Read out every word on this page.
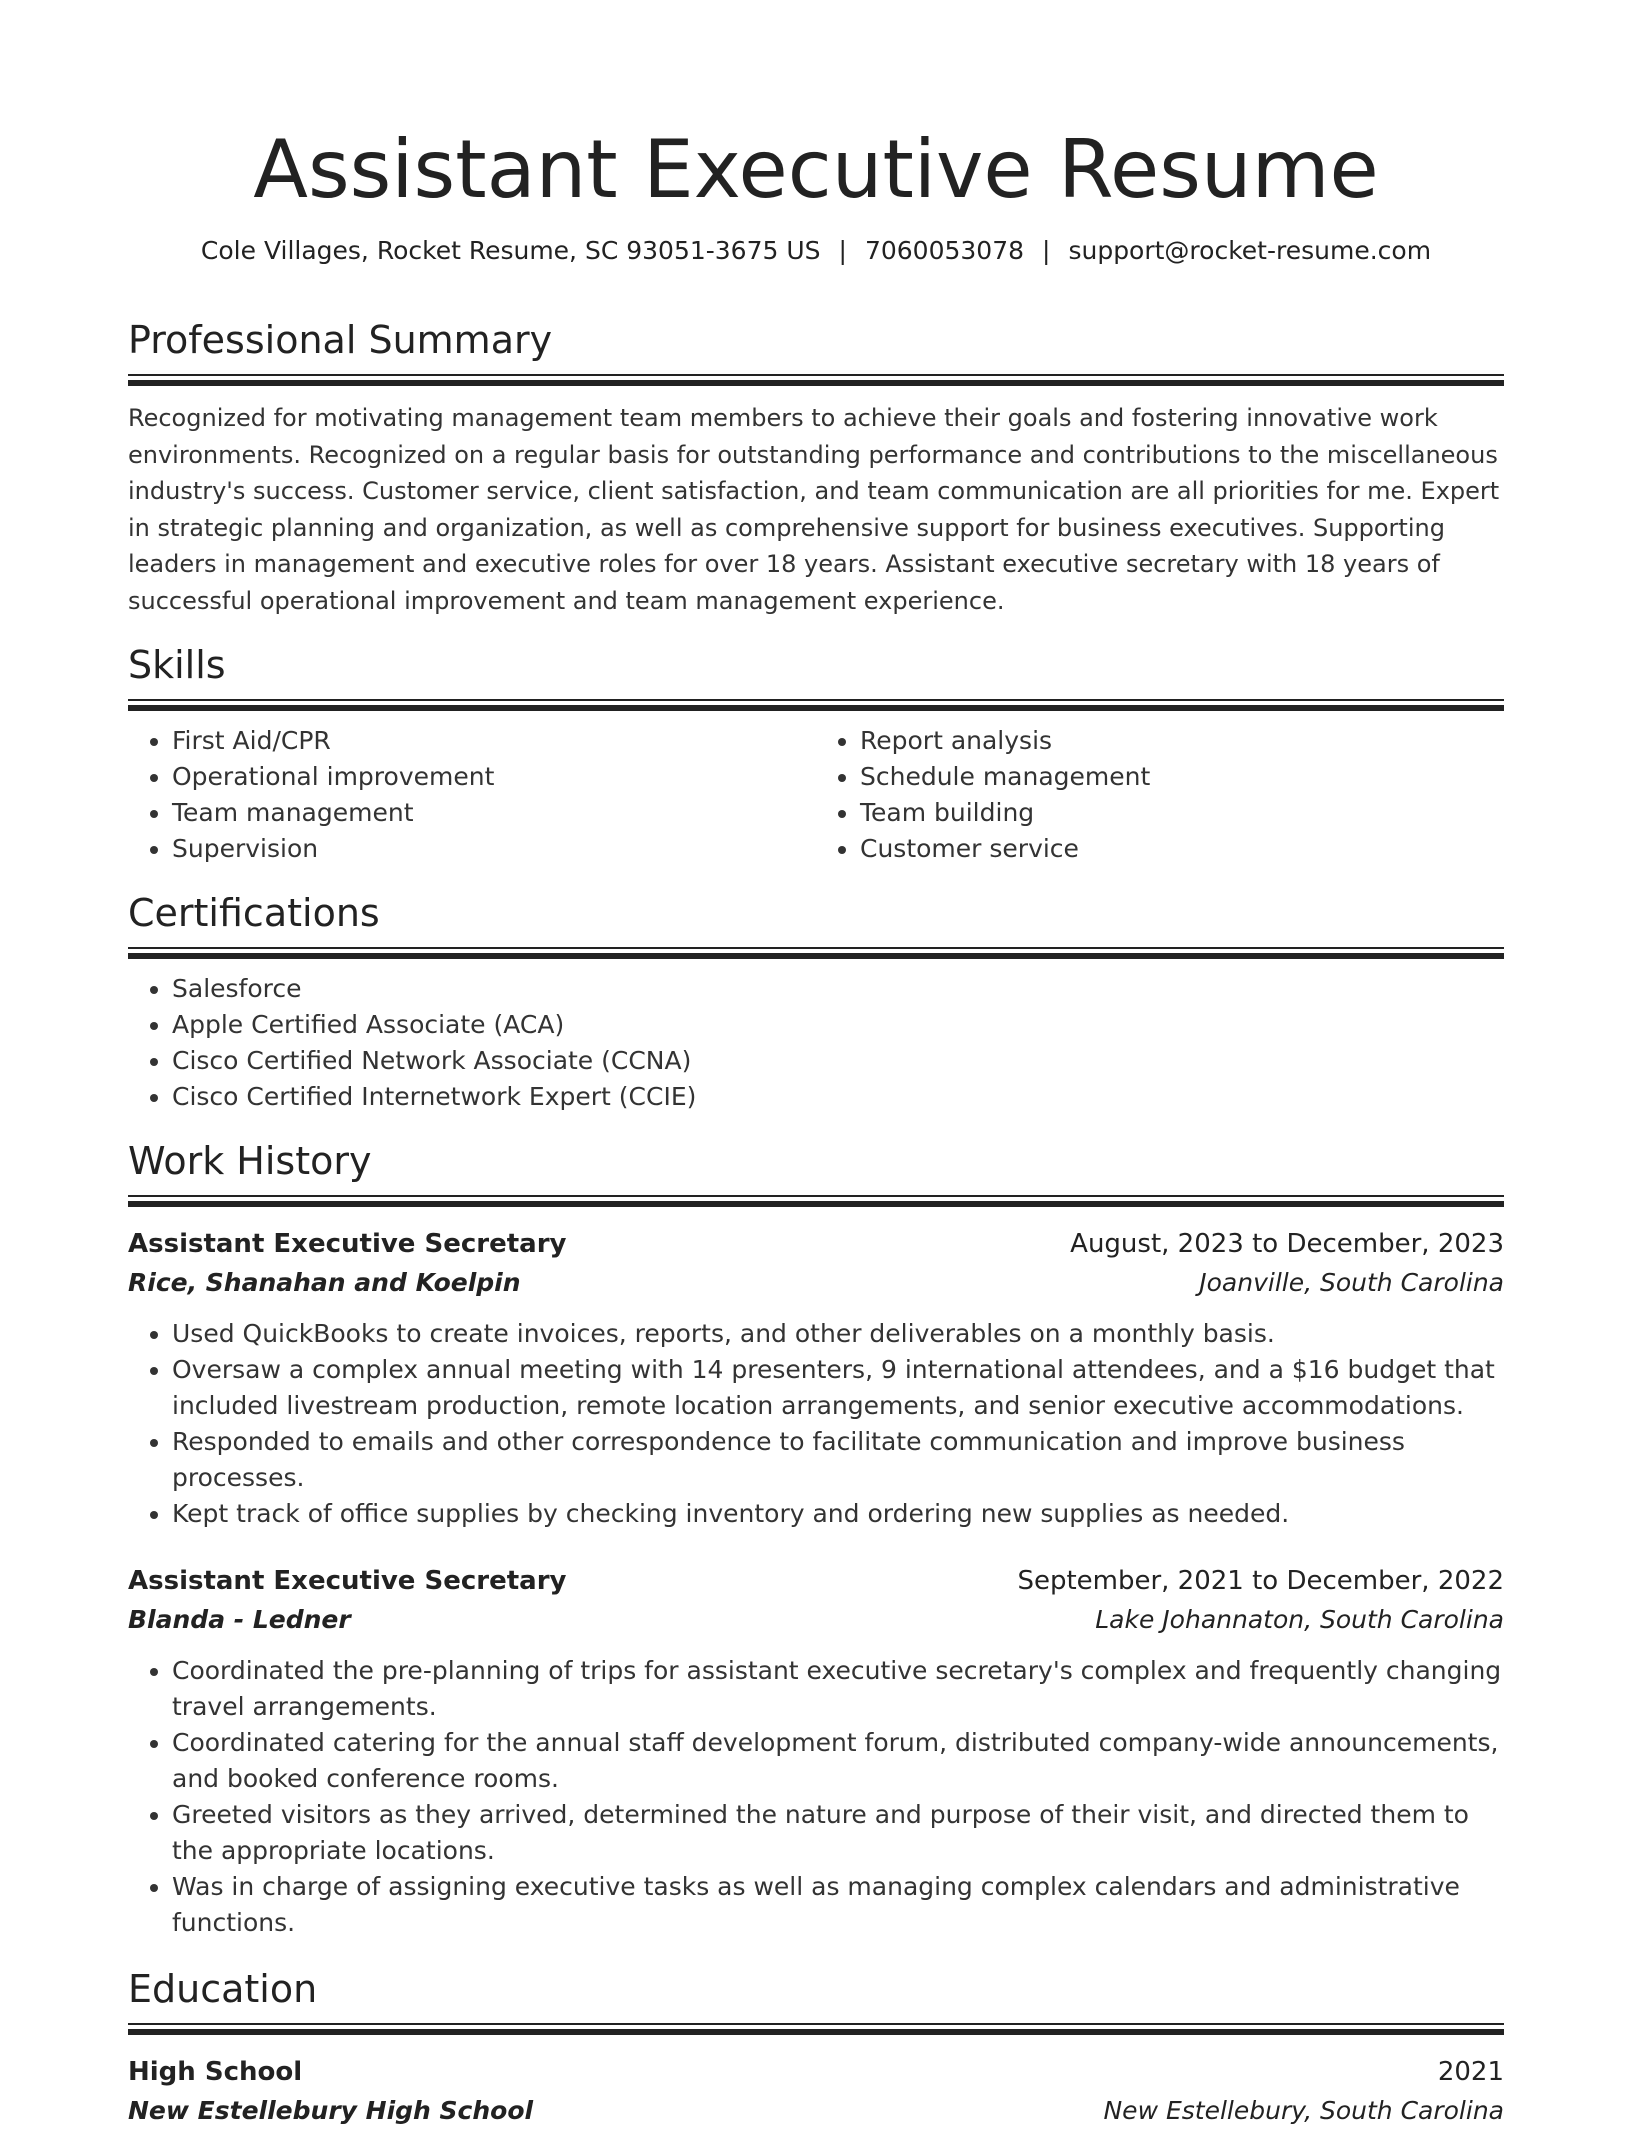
Assistant Executive Resume
Cole Villages, Rocket Resume, SC 93051-3675 US | 7060053078 | support@rocket-resume.com
Professional Summary

Recognized for motivating management team members to achieve their goals and fostering innovative work environments. Recognized on a regular basis for outstanding performance and contributions to the miscellaneous industry's success. Customer service, client satisfaction, and team communication are all priorities for me. Expert in strategic planning and organization, as well as comprehensive support for business executives. Supporting leaders in management and executive roles for over 18 years. Assistant executive secretary with 18 years of successful operational improvement and team management experience.

Skills
• First Aid/CPR
• Operational improvement
• Team management
• Supervision
• Report analysis
• Schedule management
• Team building
• Customer service
Certifications
• Salesforce
• Apple Certified Associate (ACA)
• Cisco Certified Network Associate (CCNA)
• Cisco Certified Internetwork Expert (CCIE)
Work History
Assistant Executive Secretary	August, 2023 to December, 2023
Rice, Shanahan and Koelpin	Joanville, South Carolina
• Used QuickBooks to create invoices, reports, and other deliverables on a monthly basis.
• Oversaw a complex annual meeting with 14 presenters, 9 international attendees, and a $16 budget that included livestream production, remote location arrangements, and senior executive accommodations.
• Responded to emails and other correspondence to facilitate communication and improve business processes.
• Kept track of office supplies by checking inventory and ordering new supplies as needed.
Assistant Executive Secretary	September, 2021 to December, 2022
Blanda - Ledner	Lake Johannaton, South Carolina
• Coordinated the pre-planning of trips for assistant executive secretary's complex and frequently changing travel arrangements.
• Coordinated catering for the annual staff development forum, distributed company-wide announcements, and booked conference rooms.
• Greeted visitors as they arrived, determined the nature and purpose of their visit, and directed them to the appropriate locations.
• Was in charge of assigning executive tasks as well as managing complex calendars and administrative functions.
Education
High School	2021
New Estellebury High School	New Estellebury, South Carolina
